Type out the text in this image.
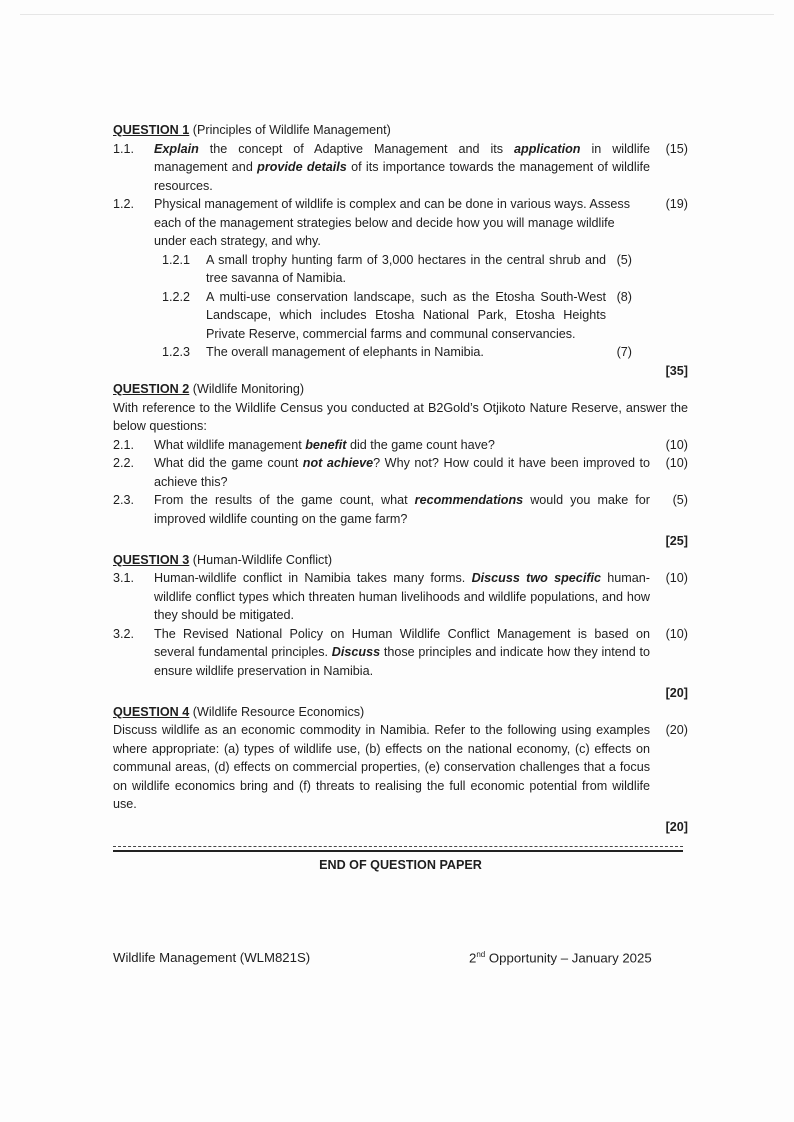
QUESTION 1 (Principles of Wildlife Management)
1.1.	Explain the concept of Adaptive Management and its application in wildlife management and provide details of its importance towards the management of wildlife resources.
(15)
1.2.	Physical management of wildlife is complex and can be done in various ways. Assess each of the management strategies below and decide how you will manage wildlife under each strategy, and why.
(19)
1.2.1	A small trophy hunting farm of 3,000 hectares in the central shrub and tree savanna of Namibia.
(5)
1.2.2	A multi-use conservation landscape, such as the Etosha South-West Landscape, which includes Etosha National Park, Etosha Heights Private Reserve, commercial farms and communal conservancies.
(8)
1.2.3	The overall management of elephants in Namibia.	(7)
[35]
QUESTION 2 (Wildlife Monitoring)
With reference to the Wildlife Census you conducted at B2Gold’s Otjikoto Nature Reserve, answer the below questions:
2.1.	What wildlife management benefit did the game count have?	(10)
2.2.	What did the game count not achieve? Why not? How could it have been improved to achieve this?
(10)
2.3.	From the results of the game count, what recommendations would you make for improved wildlife counting on the game farm?
(5)
[25]
QUESTION 3 (Human-Wildlife Conflict)
3.1.	Human-wildlife conflict in Namibia takes many forms. Discuss two specific human-wildlife conflict types which threaten human livelihoods and wildlife populations, and how they should be mitigated.
(10)
3.2.	The Revised National Policy on Human Wildlife Conflict Management is based on several fundamental principles. Discuss those principles and indicate how they intend to ensure wildlife preservation in Namibia.
(10)
[20]
QUESTION 4 (Wildlife Resource Economics)
Discuss wildlife as an economic commodity in Namibia. Refer to the following using examples where appropriate: (a) types of wildlife use, (b) effects on the national economy, (c) effects on communal areas, (d) effects on commercial properties, (e) conservation challenges that a focus on wildlife economics bring and (f) threats to realising the full economic potential from wildlife use.
(20)
[20]
END OF QUESTION PAPER
Wildlife Management (WLM821S)	2nd Opportunity – January 2025
